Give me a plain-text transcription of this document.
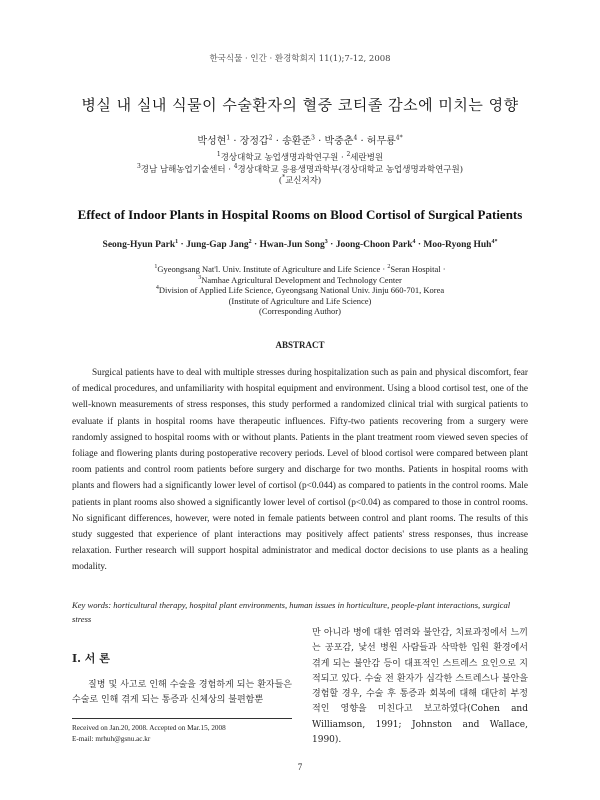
한국식물 · 인간 · 환경학회지 11(1);7-12, 2008
병실 내 실내 식물이 수술환자의 혈중 코티졸 감소에 미치는 영향
박성현$^1$ · 장정갑$^2$ · 송환준$^3$ · 박중춘$^4$ · 허무룡$^{4*}$
$^1$경상대학교 농업생명과학연구원 · $^2$세란병원
$^3$경남 남해농업기술센터 · $^4$경상대학교 응용생명과학부(경상대학교 농업생명과학연구원)
(*교신저자)
Effect of Indoor Plants in Hospital Rooms on Blood Cortisol of Surgical Patients
Seong-Hyun Park$^1$ · Jung-Gap Jang$^2$ · Hwan-Jun Song$^3$ · Joong-Choon Park$^4$ · Moo-Ryong Huh$^{4*}$
$^1$Gyeongsang Nat'l. Univ. Institute of Agriculture and Life Science · $^2$Seran Hospital ·
$^3$Namhae Agricultural Development and Technology Center
$^4$Division of Applied Life Science, Gyeongsang National Univ. Jinju 660-701, Korea
(Institute of Agriculture and Life Science)
(Corresponding Author)
ABSTRACT
Surgical patients have to deal with multiple stresses during hospitalization such as pain and physical discomfort, fear of medical procedures, and unfamiliarity with hospital equipment and environment. Using a blood cortisol test, one of the well-known measurements of stress responses, this study performed a randomized clinical trial with surgical patients to evaluate if plants in hospital rooms have therapeutic influences. Fifty-two patients recovering from a surgery were randomly assigned to hospital rooms with or without plants. Patients in the plant treatment room viewed seven species of foliage and flowering plants during postoperative recovery periods. Level of blood cortisol were compared between plant room patients and control room patients before surgery and discharge for two months. Patients in hospital rooms with plants and flowers had a significantly lower level of cortisol (p<0.044) as compared to patients in the control rooms. Male patients in plant rooms also showed a significantly lower level of cortisol (p<0.04) as compared to those in control rooms. No significant differences, however, were noted in female patients between control and plant rooms. The results of this study suggested that experience of plant interactions may positively affect patients' stress responses, thus increase relaxation. Further research will support hospital administrator and medical doctor decisions to use plants as a healing modality.
Key words: horticultural therapy, hospital plant environments, human issues in horticulture, people-plant interactions, surgical stress
I. 서 론
질병 및 사고로 인해 수술을 경험하게 되는 환자들은 수술로 인해 겪게 되는 통증과 신체상의 불편함뿐
만 아니라 병에 대한 염려와 불안감, 치료과정에서 느끼는 공포감, 낯선 병원 사람들과 삭막한 입원 환경에서 겪게 되는 불안감 등이 대표적인 스트레스 요인으로 지적되고 있다. 수술 전 환자가 심각한 스트레스나 불안을 경험할 경우, 수술 후 통증과 회복에 대해 대단히 부정적인 영향을 미친다고 보고하였다(Cohen and Williamson, 1991; Johnston and Wallace, 1990).
Received on Jan.20, 2008. Accepted on Mar.15, 2008
E-mail: mrhuh@gsnu.ac.kr
7
